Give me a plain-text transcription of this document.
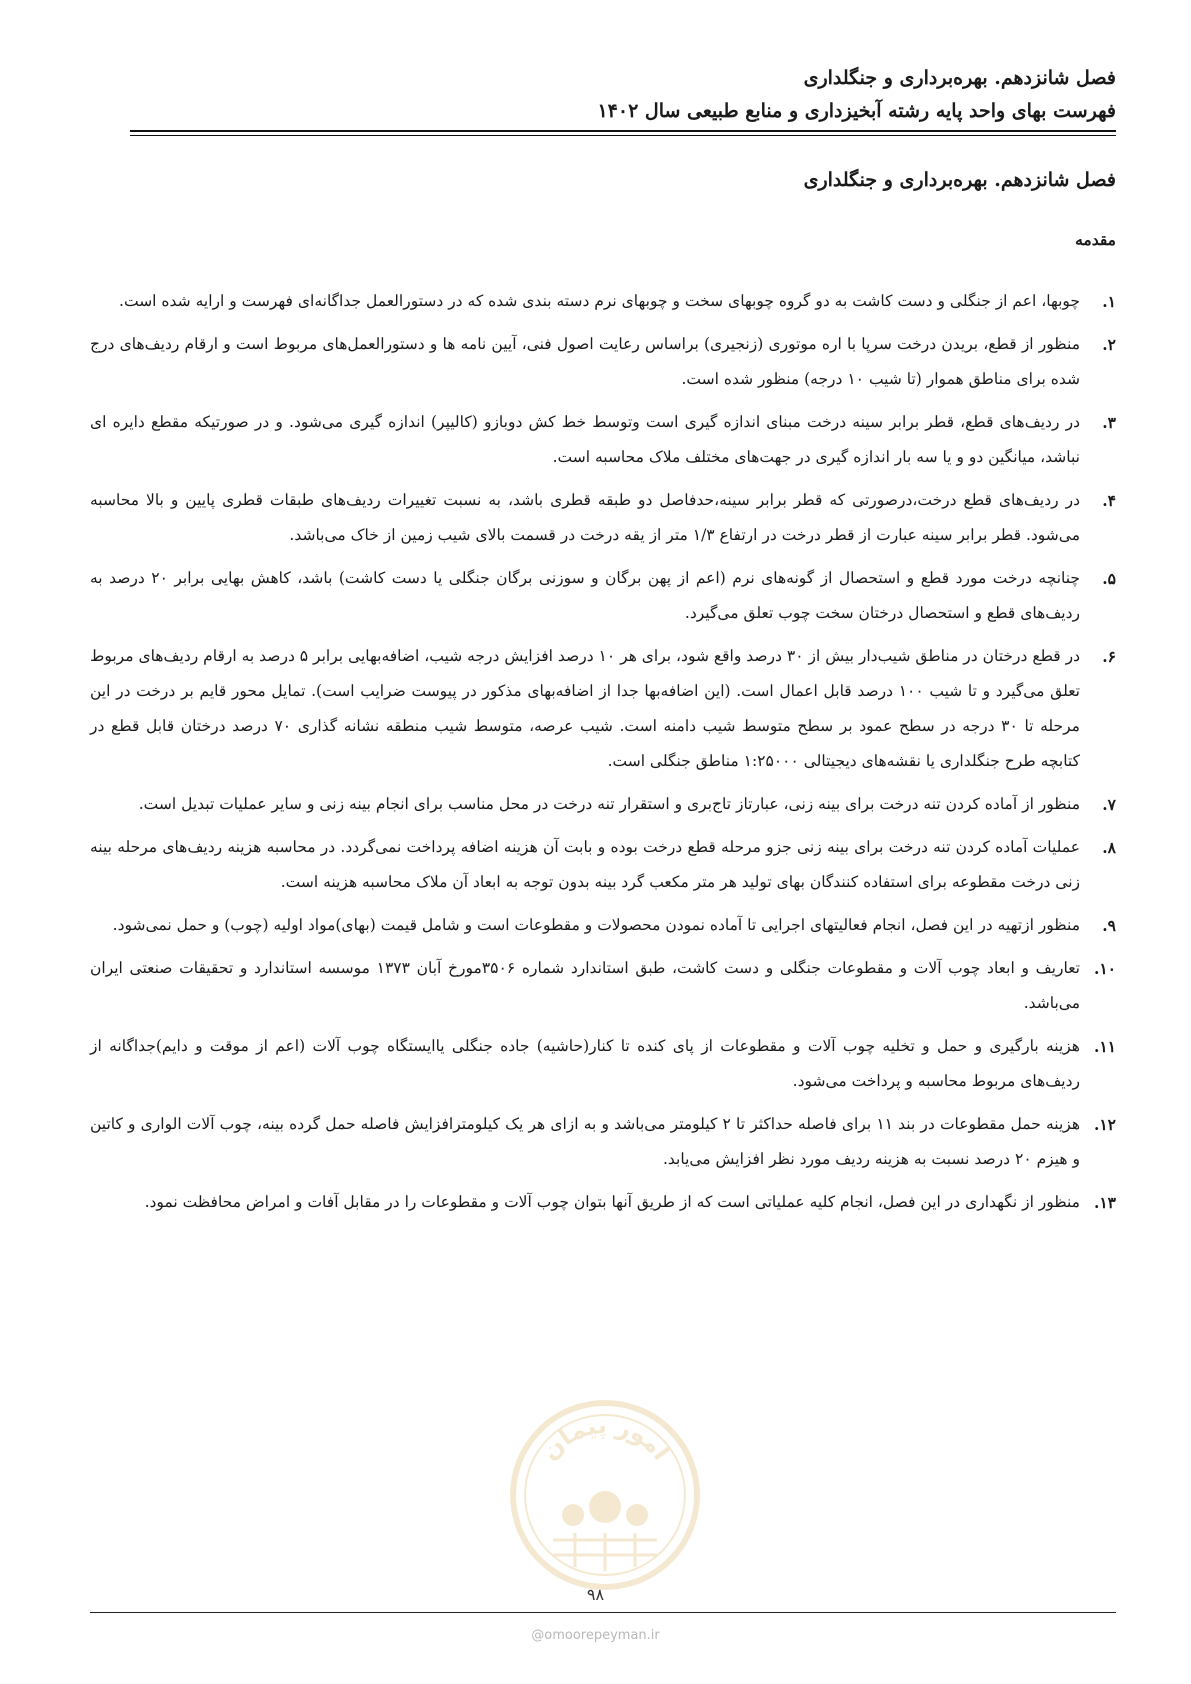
فصل شانزدهم. بهره‌برداری و جنگلداری
فهرست بهای واحد پایه رشته آبخیزداری و منابع طبیعی سال ۱۴۰۲
فصل شانزدهم. بهره‌برداری و جنگلداری
مقدمه
۱.
چوبها، اعم از جنگلی و دست کاشت به دو گروه چوبهای سخت و چوبهای نرم دسته بندی شده که در دستورالعمل جداگانه‌ای فهرست و ارایه شده است.
۲.
منظور از قطع، بریدن درخت سرپا با اره موتوری (زنجیری) براساس رعایت اصول فنی، آیین نامه ها و دستورالعمل‌های مربوط است و ارقام ردیف‌های درج شده برای مناطق هموار (تا شیب ۱۰ درجه) منظور شده است.
۳.
در ردیف‌های قطع، قطر برابر سینه درخت مبنای اندازه گیری است وتوسط خط کش دوبازو (کالیپر) اندازه گیری می‌شود. و در صورتیکه مقطع دایره ای نباشد، میانگین دو و یا سه بار اندازه گیری در جهت‌های مختلف ملاک محاسبه است.
۴.
در ردیف‌های قطع درخت،درصورتی که قطر برابر سینه،حدفاصل دو طبقه قطری باشد، به نسبت تغییرات ردیف‌های طبقات قطری پایین و بالا محاسبه می‌شود. قطر برابر سینه عبارت از قطر درخت در ارتفاع ۱/۳ متر از یقه درخت در قسمت بالای شیب زمین از خاک می‌باشد.
۵.
چنانچه درخت مورد قطع و استحصال از گونه‌های نرم (اعم از پهن برگان و سوزنی برگان جنگلی یا دست کاشت) باشد، کاهش بهایی برابر ۲۰ درصد به ردیف‌های قطع و استحصال درختان سخت چوب تعلق می‌گیرد.
۶.
در قطع درختان در مناطق شیب‌دار بیش از ۳۰ درصد واقع شود، برای هر ۱۰ درصد افزایش درجه شیب، اضافه‌بهایی برابر ۵ درصد به ارقام ردیف‌های مربوط تعلق می‌گیرد و تا شیب ۱۰۰ درصد قابل اعمال است. (این اضافه‌بها جدا از اضافه‌بهای مذکور در پیوست ضرایب است). تمایل محور قایم بر درخت در این مرحله تا ۳۰ درجه در سطح عمود بر سطح متوسط شیب دامنه است. شیب عرصه، متوسط شیب منطقه نشانه گذاری ۷۰ درصد درختان قابل قطع در کتابچه طرح جنگلداری یا نقشه‌های دیجیتالی ۱:۲۵۰۰۰ مناطق جنگلی است.
۷.
منظور از آماده کردن تنه درخت برای بینه زنی، عبارتاز تاج‌بری و استقرار تنه درخت در محل مناسب برای انجام بینه زنی و سایر عملیات تبدیل است.
۸.
عملیات آماده کردن تنه درخت برای بینه زنی جزو مرحله قطع درخت بوده و بابت آن هزینه اضافه پرداخت نمی‌گردد. در محاسبه هزینه ردیف‌های مرحله بینه زنی درخت مقطوعه برای استفاده کنندگان بهای تولید هر متر مکعب گرد بینه بدون توجه به ابعاد آن ملاک محاسبه هزینه است.
۹.
منظور ازتهیه در این فصل، انجام فعالیتهای اجرایی تا آماده نمودن محصولات و مقطوعات است و شامل قیمت (بهای)مواد اولیه (چوب) و حمل نمی‌شود.
۱۰.
تعاریف و ابعاد چوب آلات و مقطوعات جنگلی و دست کاشت، طبق استاندارد شماره ۳۵۰۶مورخ آبان ۱۳۷۳ موسسه استاندارد و تحقیقات صنعتی ایران می‌باشد.
۱۱.
هزینه بارگیری و حمل و تخلیه چوب آلات و مقطوعات از پای کنده تا کنار(حاشیه) جاده جنگلی یاایستگاه چوب آلات (اعم از موقت و دایم)جداگانه از ردیف‌های مربوط محاسبه و پرداخت می‌شود.
۱۲.
هزینه حمل مقطوعات در بند ۱۱ برای فاصله حداکثر تا ۲ کیلومتر می‌باشد و به ازای هر یک کیلومترافزایش فاصله حمل گرده بینه، چوب آلات الواری و کاتین و هیزم ۲۰ درصد نسبت به هزینه ردیف مورد نظر افزایش می‌یابد.
۱۳.
منظور از نگهداری در این فصل، انجام کلیه عملیاتی است که از طریق آنها بتوان چوب آلات و مقطوعات را در مقابل آفات و امراض محافظت نمود.
امور پیمان
۹۸
@omoorepeyman.ir
